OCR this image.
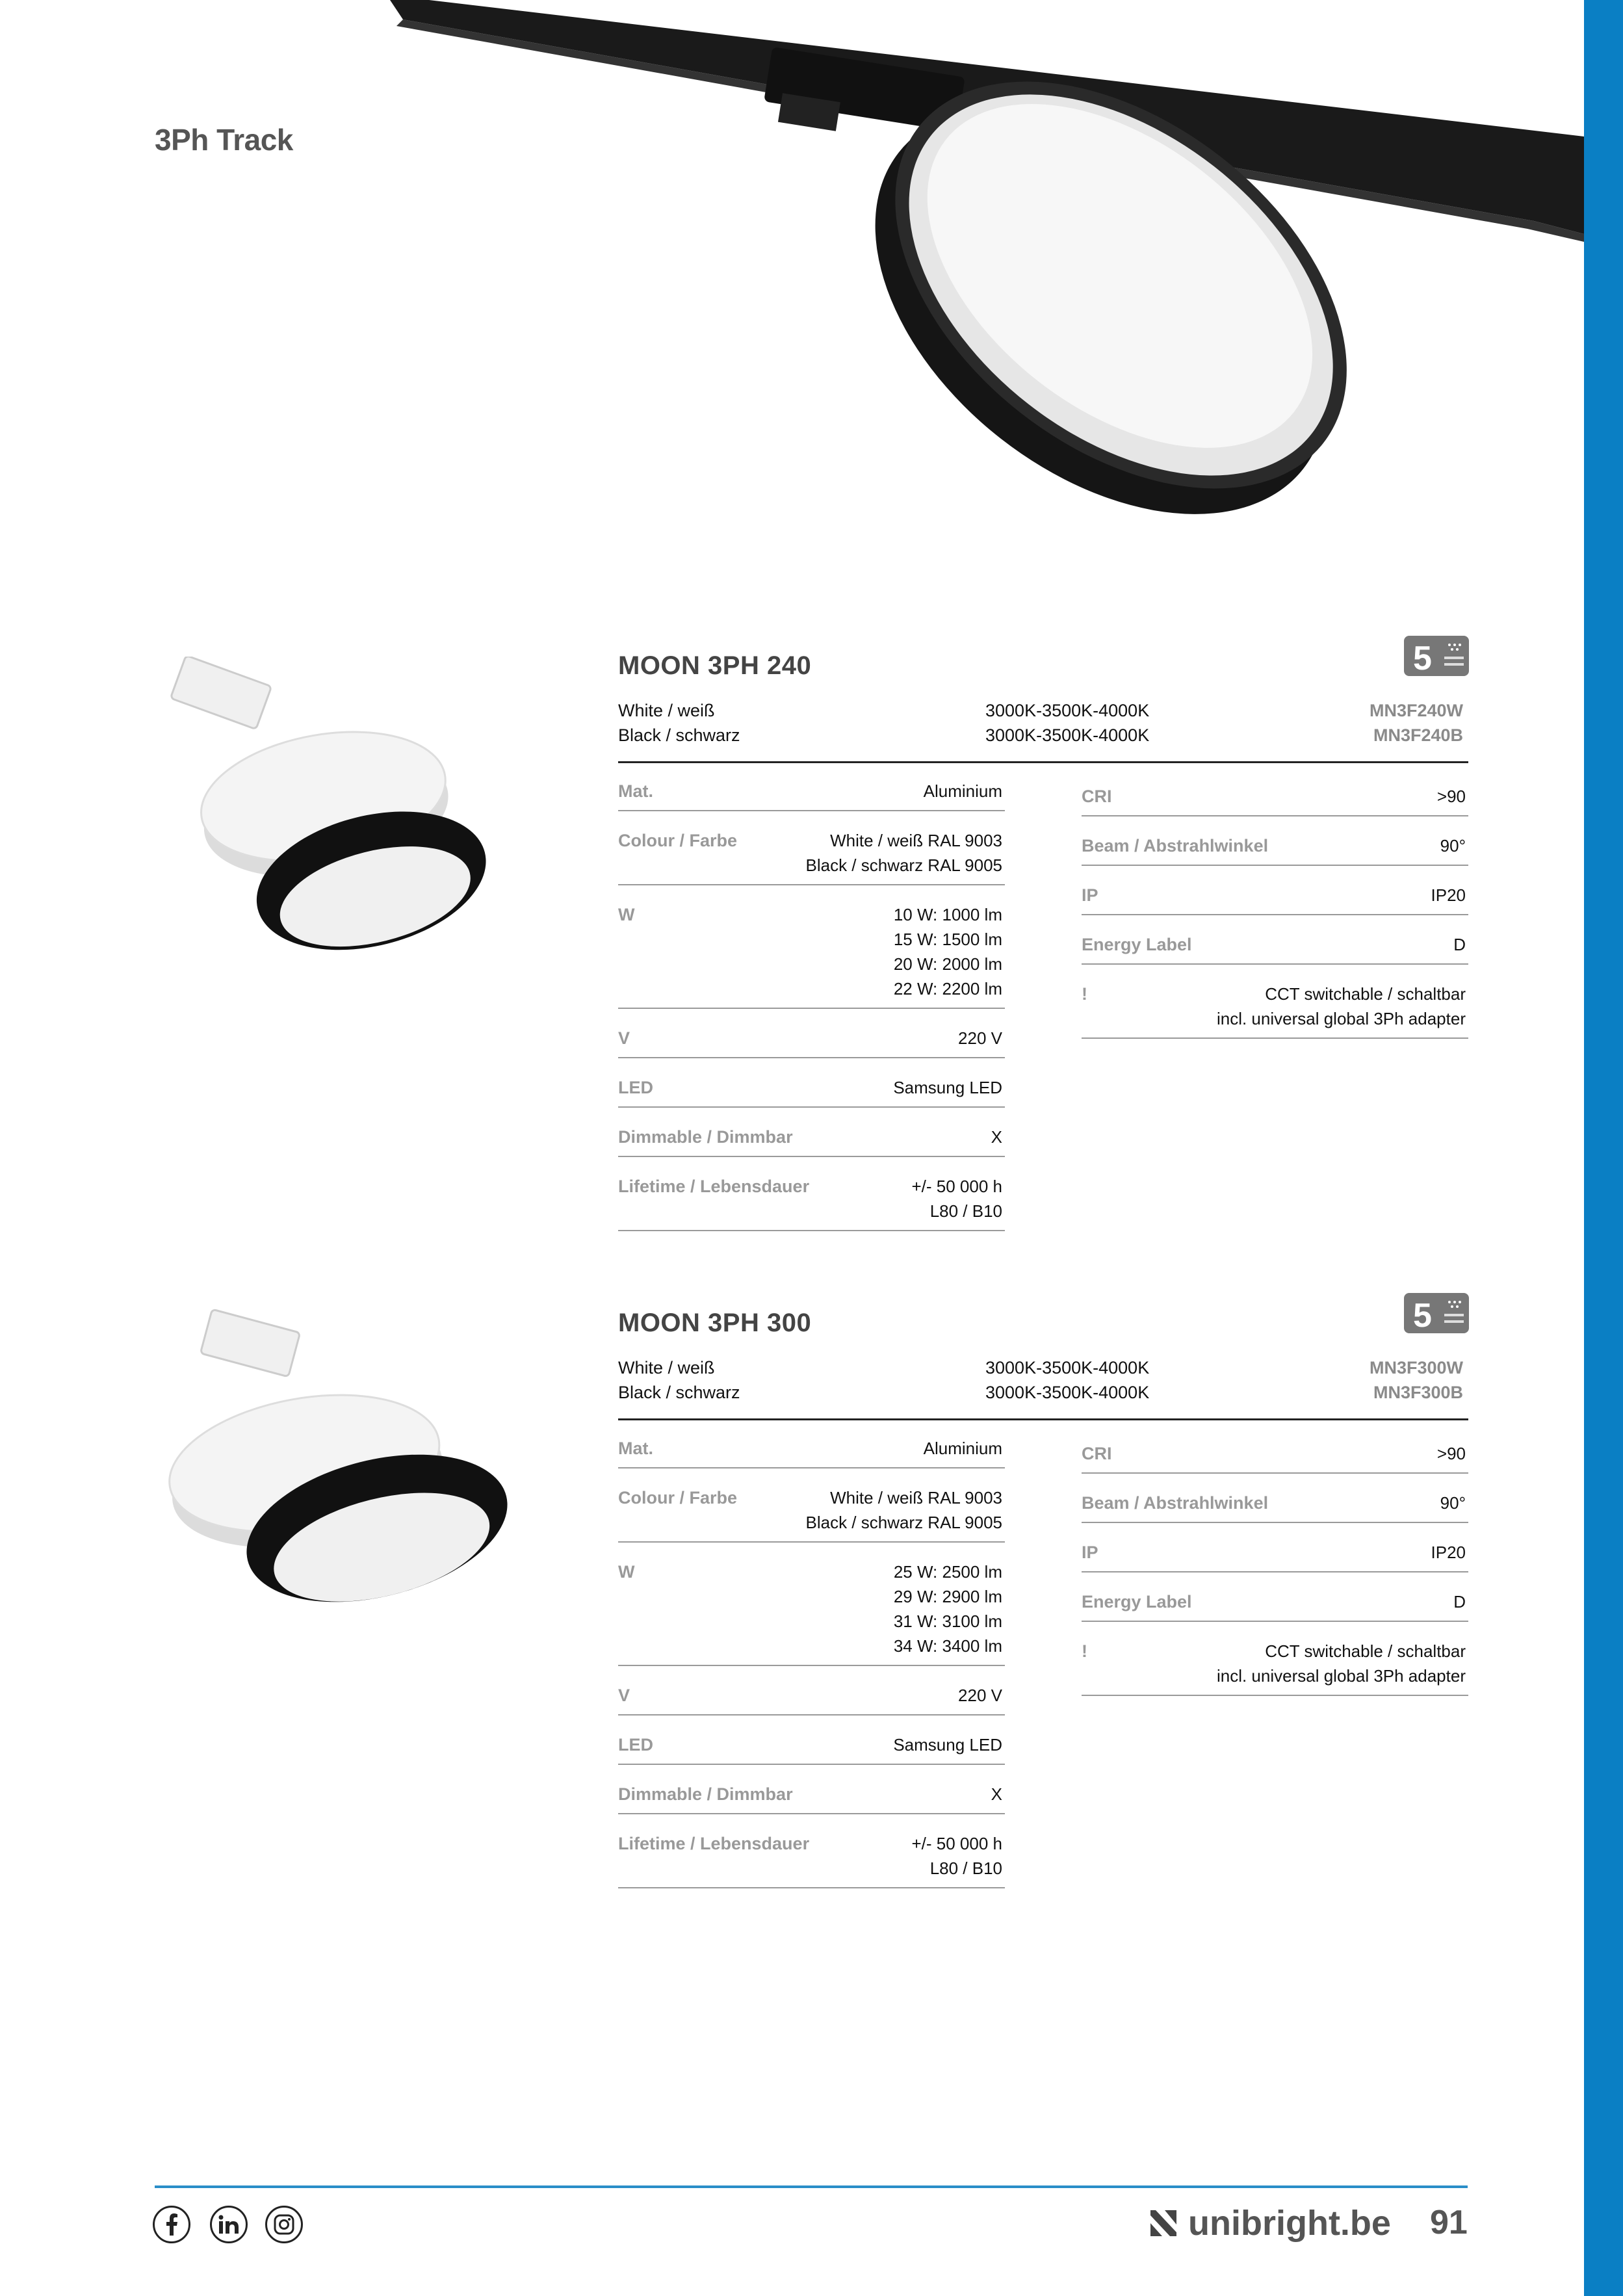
3Ph Track
MOON 3PH 240	5
White / weiß	3000K-3500K-4000K	MN3F240W
Black / schwarz	3000K-3500K-4000K	MN3F240B
Mat.	Aluminium
Colour / Farbe	White / weiß RAL 9003
Black / schwarz RAL 9005
W	10 W: 1000 lm
15 W: 1500 lm
20 W: 2000 lm
22 W: 2200 lm
V	220 V
LED	Samsung LED
Dimmable / Dimmbar	X
Lifetime / Lebensdauer	+/- 50 000 h
L80 / B10
CRI	>90
Beam / Abstrahlwinkel	90°
IP	IP20
Energy Label	D
!	CCT switchable / schaltbar
incl. universal global 3Ph adapter
MOON 3PH 300	5
White / weiß	3000K-3500K-4000K	MN3F300W
Black / schwarz	3000K-3500K-4000K	MN3F300B
Mat.	Aluminium
Colour / Farbe	White / weiß RAL 9003
Black / schwarz RAL 9005
W	25 W: 2500 lm
29 W: 2900 lm
31 W: 3100 lm
34 W: 3400 lm
V	220 V
LED	Samsung LED
Dimmable / Dimmbar	X
Lifetime / Lebensdauer	+/- 50 000 h
L80 / B10
CRI	>90
Beam / Abstrahlwinkel	90°
IP	IP20
Energy Label	D
!	CCT switchable / schaltbar
incl. universal global 3Ph adapter
unibright.be 91
